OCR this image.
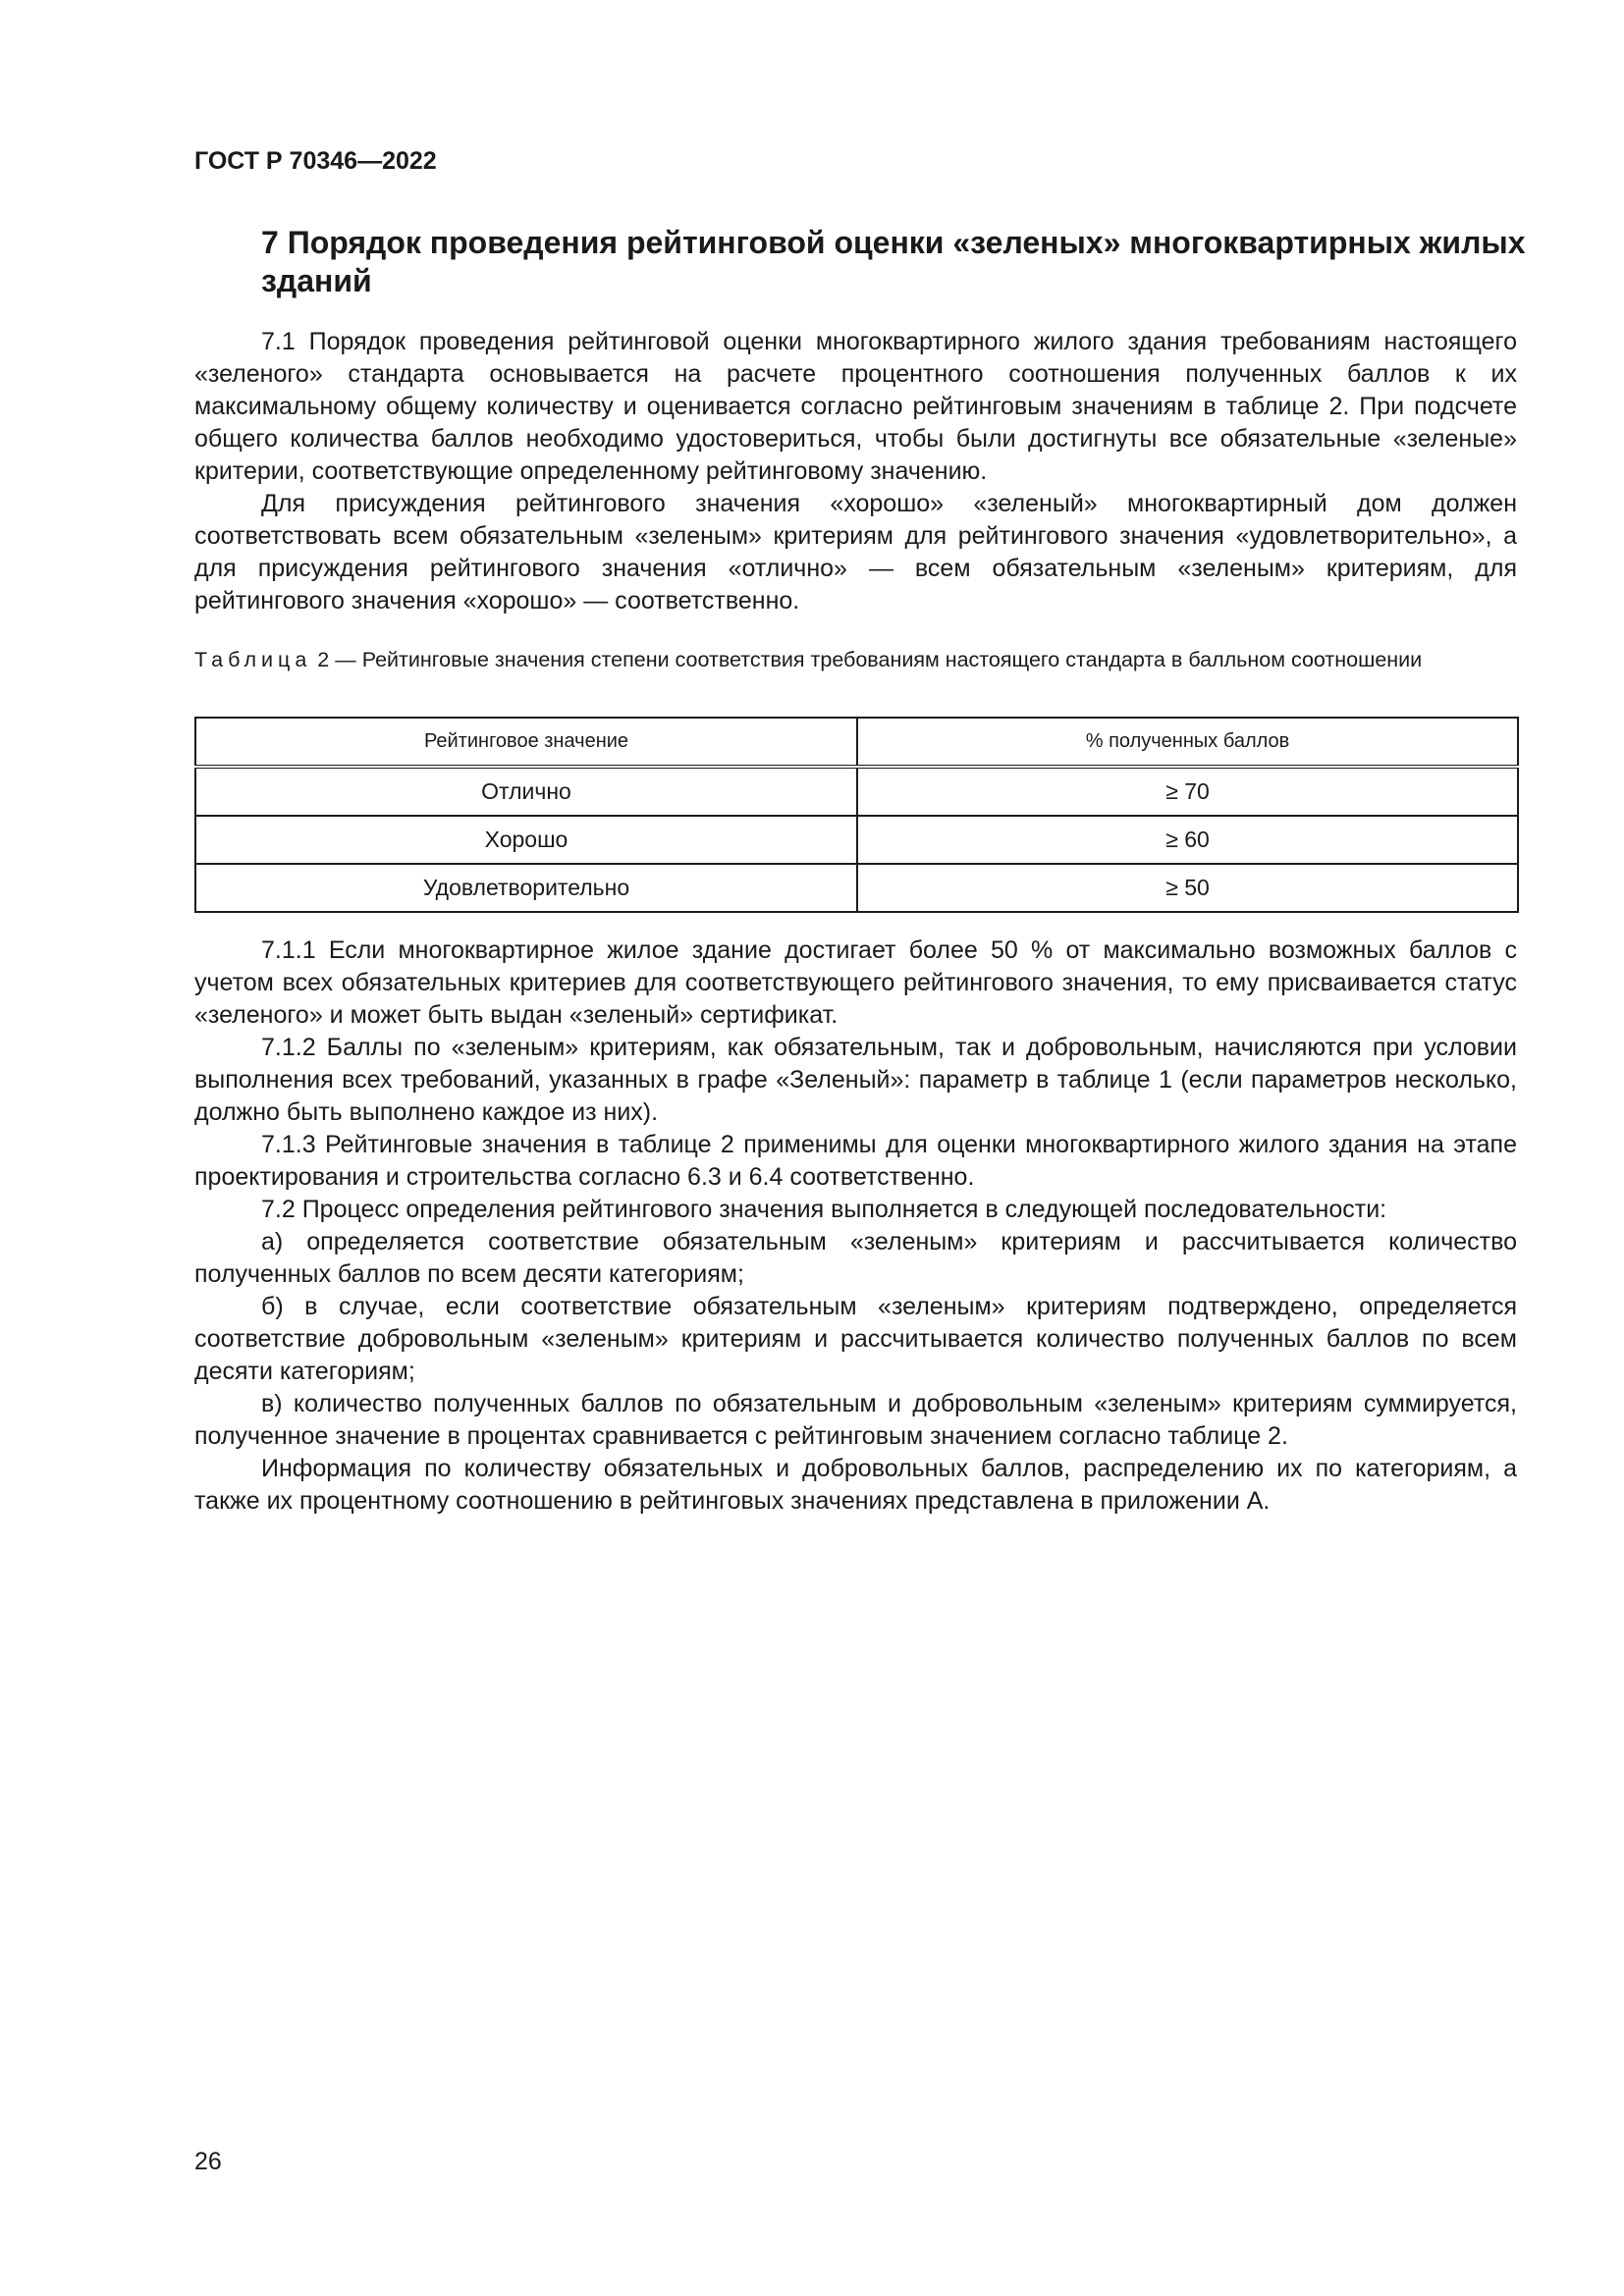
ГОСТ Р 70346—2022
7 Порядок проведения рейтинговой оценки «зеленых» многоквартирных жилых зданий

7.1 Порядок проведения рейтинговой оценки многоквартирного жилого здания требованиям настоящего «зеленого» стандарта основывается на расчете процентного соотношения полученных баллов к их максимальному общему количеству и оценивается согласно рейтинговым значениям в таблице 2. При подсчете общего количества баллов необходимо удостовериться, чтобы были достигнуты все обязательные «зеленые» критерии, соответствующие определенному рейтинговому значению.

Для присуждения рейтингового значения «хорошо» «зеленый» многоквартирный дом должен соответствовать всем обязательным «зеленым» критериям для рейтингового значения «удовлетворительно», а для присуждения рейтингового значения «отлично» — всем обязательным «зеленым» критериям, для рейтингового значения «хорошо» — соответственно.

Таблица 2 — Рейтинговые значения степени соответствия требованиям настоящего стандарта в балльном соотношении
Рейтинговое значение	% полученных баллов
Отлично	≥ 70
Хорошо	≥ 60
Удовлетворительно	≥ 50

7.1.1 Если многоквартирное жилое здание достигает более 50 % от максимально возможных баллов с учетом всех обязательных критериев для соответствующего рейтингового значения, то ему присваивается статус «зеленого» и может быть выдан «зеленый» сертификат.

7.1.2 Баллы по «зеленым» критериям, как обязательным, так и добровольным, начисляются при условии выполнения всех требований, указанных в графе «Зеленый»: параметр в таблице 1 (если параметров несколько, должно быть выполнено каждое из них).

7.1.3 Рейтинговые значения в таблице 2 применимы для оценки многоквартирного жилого здания на этапе проектирования и строительства согласно 6.3 и 6.4 соответственно.

7.2 Процесс определения рейтингового значения выполняется в следующей последовательности:

а) определяется соответствие обязательным «зеленым» критериям и рассчитывается количество полученных баллов по всем десяти категориям;

б) в случае, если соответствие обязательным «зеленым» критериям подтверждено, определяется соответствие добровольным «зеленым» критериям и рассчитывается количество полученных баллов по всем десяти категориям;

в) количество полученных баллов по обязательным и добровольным «зеленым» критериям суммируется, полученное значение в процентах сравнивается с рейтинговым значением согласно таблице 2.

Информация по количеству обязательных и добровольных баллов, распределению их по категориям, а также их процентному соотношению в рейтинговых значениях представлена в приложении А.

26
